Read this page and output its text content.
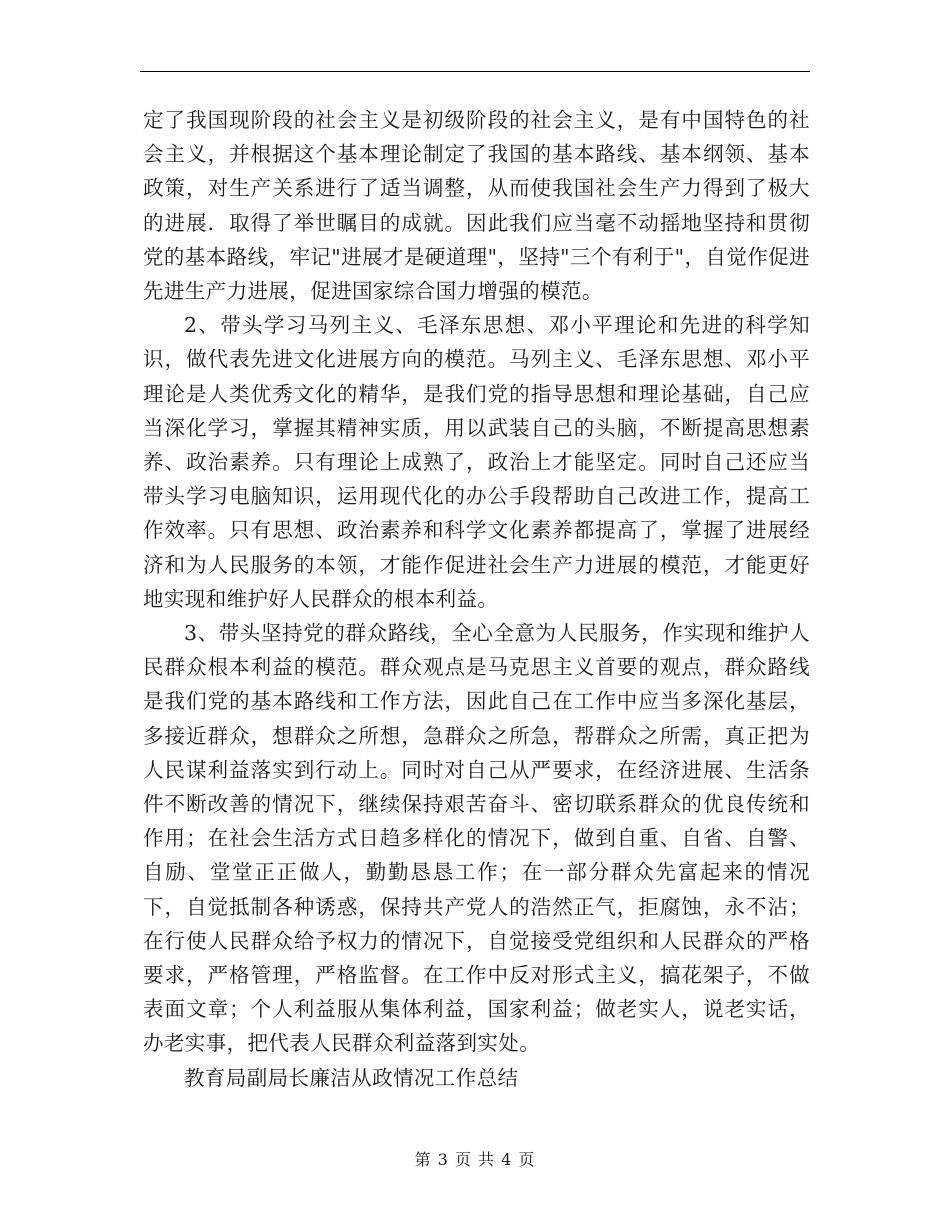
定了我国现阶段的社会主义是初级阶段的社会主义，是有中国特色的社会主义，并根据这个基本理论制定了我国的基本路线、基本纲领、基本政策，对生产关系进行了适当调整，从而使我国社会生产力得到了极大的进展．取得了举世瞩目的成就。因此我们应当毫不动摇地坚持和贯彻党的基本路线，牢记"进展才是硬道理"，坚持"三个有利于"，自觉作促进先进生产力进展，促进国家综合国力增强的模范。

2、带头学习马列主义、毛泽东思想、邓小平理论和先进的科学知识，做代表先进文化进展方向的模范。马列主义、毛泽东思想、邓小平理论是人类优秀文化的精华，是我们党的指导思想和理论基础，自己应当深化学习，掌握其精神实质，用以武装自己的头脑，不断提高思想素养、政治素养。只有理论上成熟了，政治上才能坚定。同时自己还应当带头学习电脑知识，运用现代化的办公手段帮助自己改进工作，提高工作效率。只有思想、政治素养和科学文化素养都提高了，掌握了进展经济和为人民服务的本领，才能作促进社会生产力进展的模范，才能更好地实现和维护好人民群众的根本利益。

3、带头坚持党的群众路线，全心全意为人民服务，作实现和维护人民群众根本利益的模范。群众观点是马克思主义首要的观点，群众路线是我们党的基本路线和工作方法，因此自己在工作中应当多深化基层，多接近群众，想群众之所想，急群众之所急，帮群众之所需，真正把为人民谋利益落实到行动上。同时对自己从严要求，在经济进展、生活条件不断改善的情况下，继续保持艰苦奋斗、密切联系群众的优良传统和作用；在社会生活方式日趋多样化的情况下，做到自重、自省、自警、自励、堂堂正正做人，勤勤恳恳工作；在一部分群众先富起来的情况下，自觉抵制各种诱惑，保持共产党人的浩然正气，拒腐蚀，永不沾；在行使人民群众给予权力的情况下，自觉接受党组织和人民群众的严格要求，严格管理，严格监督。在工作中反对形式主义，搞花架子，不做表面文章；个人利益服从集体利益，国家利益；做老实人，说老实话，办老实事，把代表人民群众利益落到实处。

教育局副局长廉洁从政情况工作总结

第 3 页 共 4 页
